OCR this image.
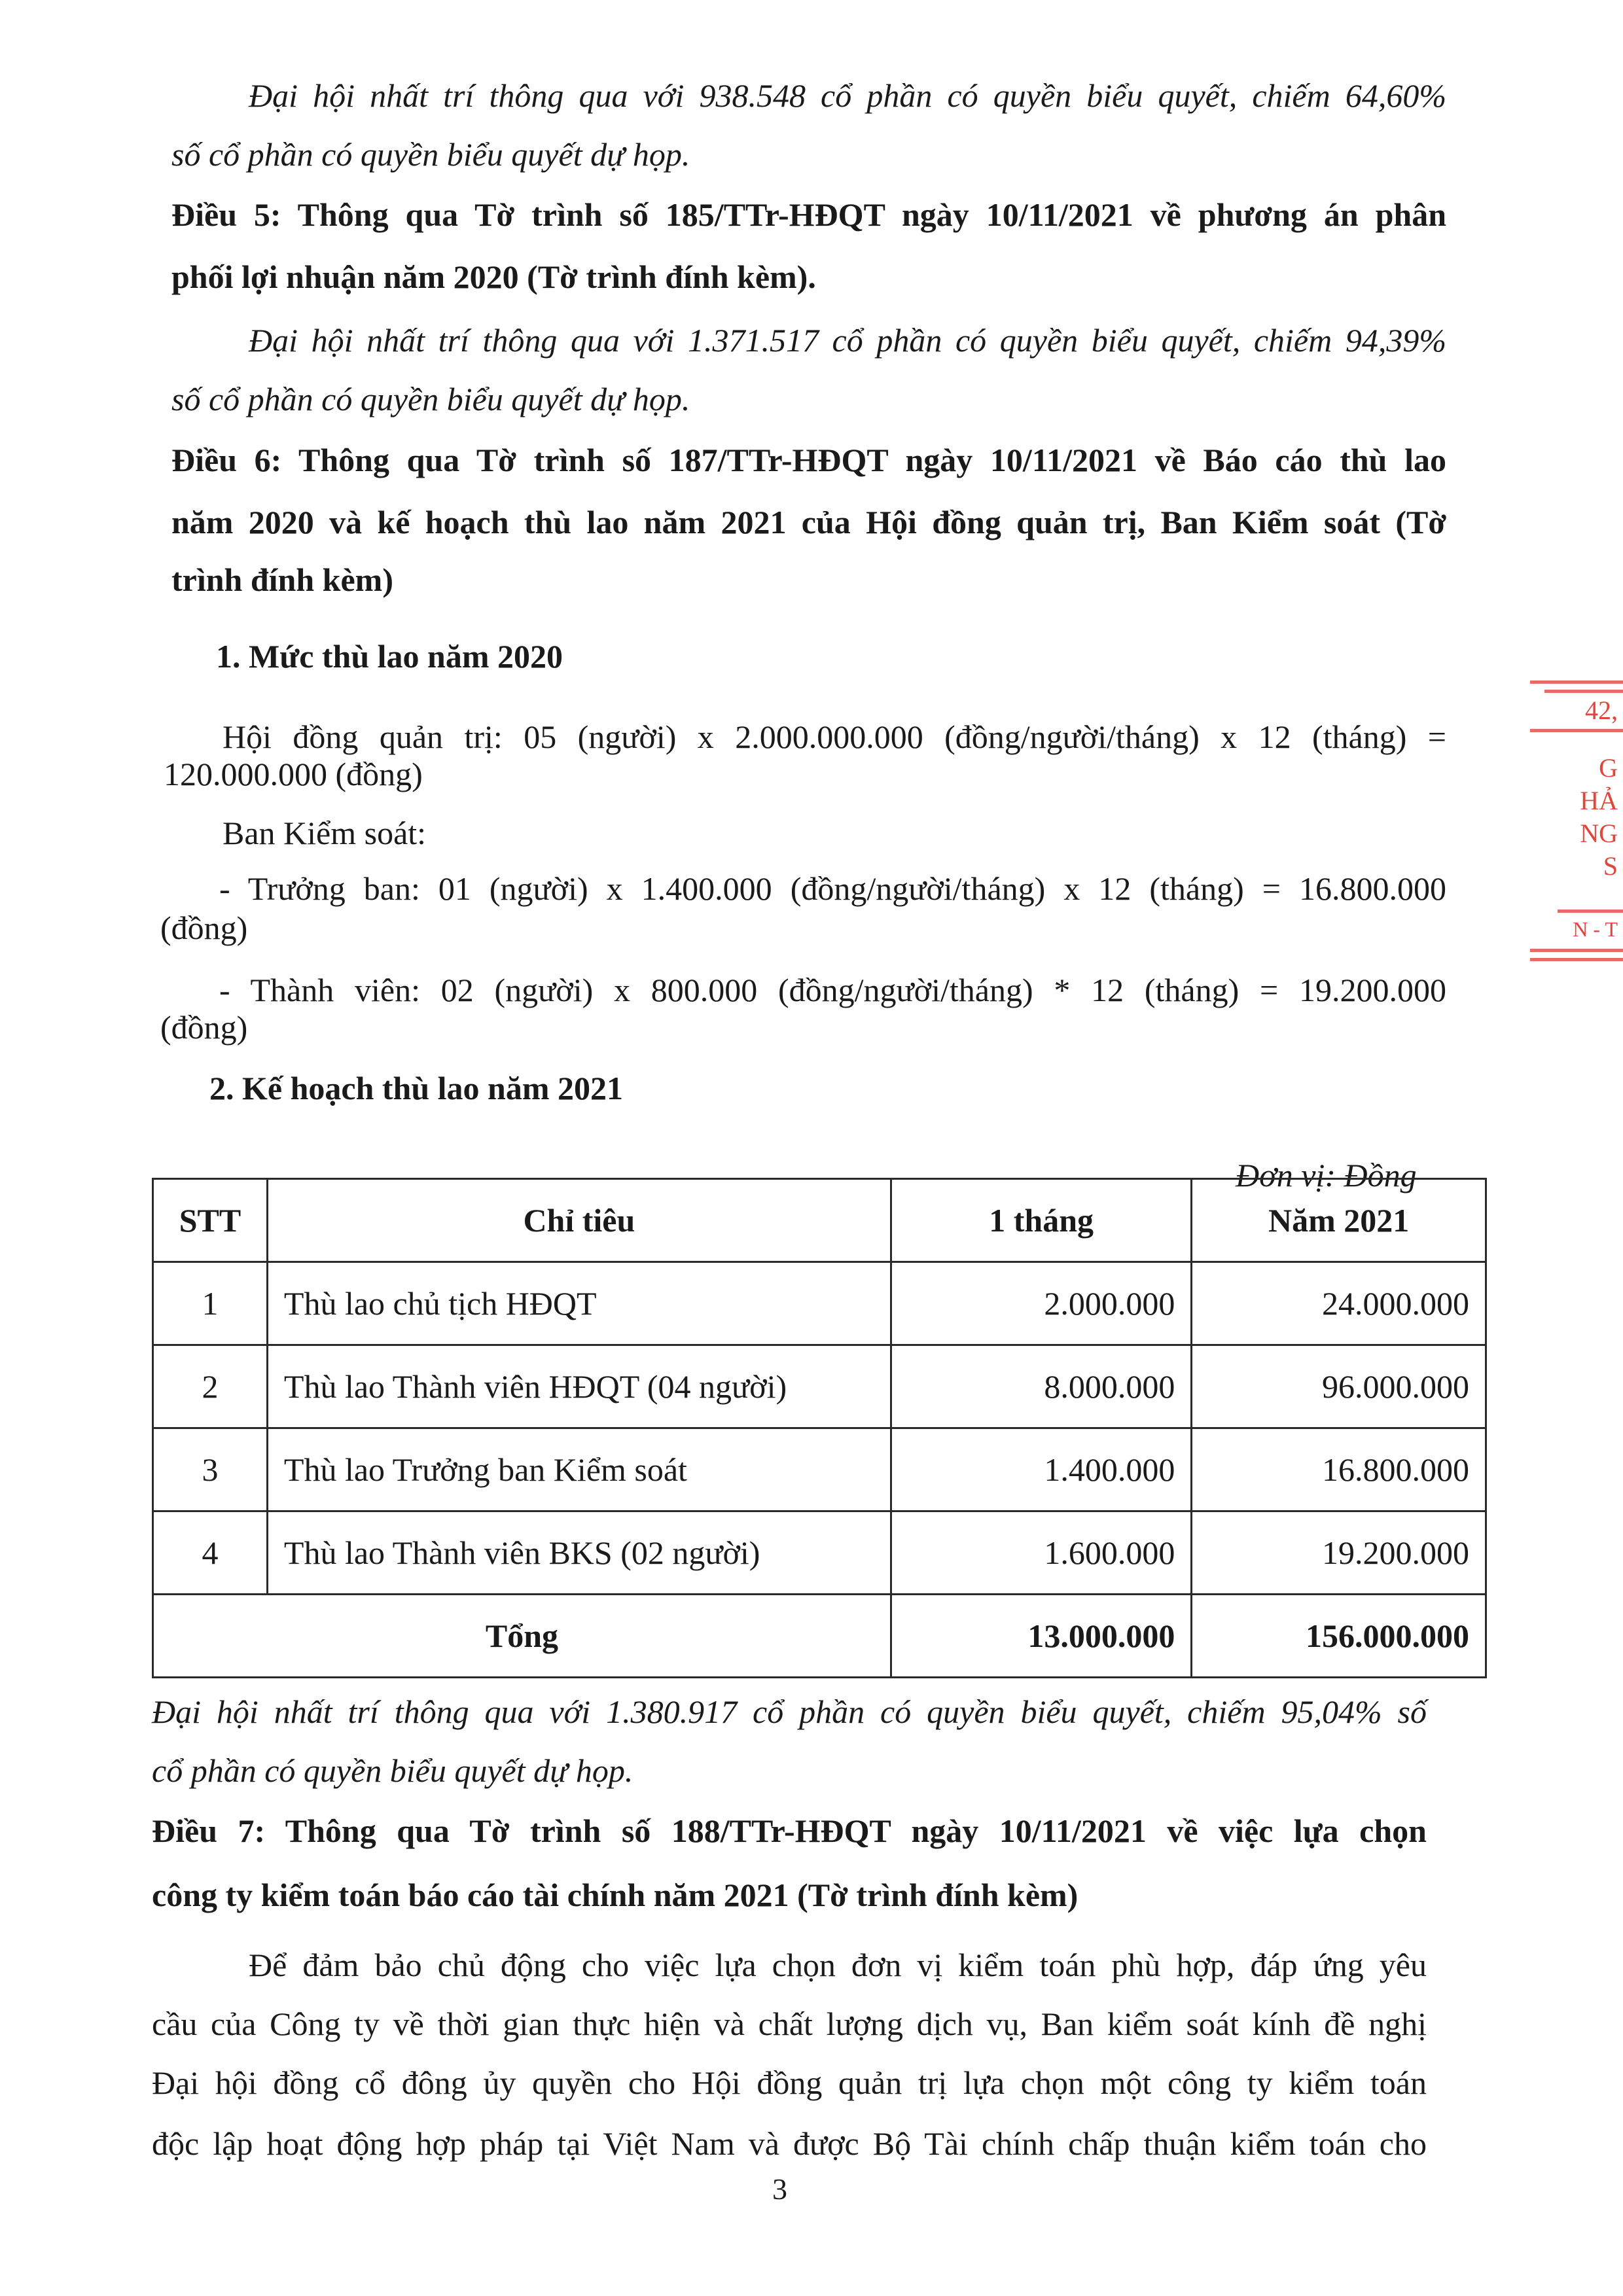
Đại hội nhất trí thông qua với 938.548 cổ phần có quyền biểu quyết, chiếm 64,60%
số cổ phần có quyền biểu quyết dự họp.
Điều 5: Thông qua Tờ trình số 185/TTr-HĐQT ngày 10/11/2021 về phương án phân
phối lợi nhuận năm 2020 (Tờ trình đính kèm).
Đại hội nhất trí thông qua với 1.371.517 cổ phần có quyền biểu quyết, chiếm 94,39%
số cổ phần có quyền biểu quyết dự họp.
Điều 6: Thông qua Tờ trình số 187/TTr-HĐQT ngày 10/11/2021 về Báo cáo thù lao
năm 2020 và kế hoạch thù lao năm 2021 của Hội đồng quản trị, Ban Kiểm soát (Tờ
trình đính kèm)
1. Mức thù lao năm 2020
Hội đồng quản trị: 05 (người) x 2.000.000.000 (đồng/người/tháng) x 12 (tháng) =
120.000.000 (đồng)
Ban Kiểm soát:
- Trưởng ban: 01 (người) x 1.400.000 (đồng/người/tháng) x 12 (tháng) = 16.800.000
(đồng)
- Thành viên: 02 (người) x 800.000 (đồng/người/tháng) * 12 (tháng) = 19.200.000
(đồng)
2. Kế hoạch thù lao năm 2021
Đơn vị: Đồng
STT	Chỉ tiêu	1 tháng	Năm 2021
1	Thù lao chủ tịch HĐQT	2.000.000	24.000.000
2	Thù lao Thành viên HĐQT (04 người)	8.000.000	96.000.000
3	Thù lao Trưởng ban Kiểm soát	1.400.000	16.800.000
4	Thù lao Thành viên BKS (02 người)	1.600.000	19.200.000
Tổng		13.000.000	156.000.000
Đại hội nhất trí thông qua với 1.380.917 cổ phần có quyền biểu quyết, chiếm 95,04% số
cổ phần có quyền biểu quyết dự họp.
Điều 7: Thông qua Tờ trình số 188/TTr-HĐQT ngày 10/11/2021 về việc lựa chọn
công ty kiểm toán báo cáo tài chính năm 2021 (Tờ trình đính kèm)
Để đảm bảo chủ động cho việc lựa chọn đơn vị kiểm toán phù hợp, đáp ứng yêu
cầu của Công ty về thời gian thực hiện và chất lượng dịch vụ, Ban kiểm soát kính đề nghị
Đại hội đồng cổ đông ủy quyền cho Hội đồng quản trị lựa chọn một công ty kiểm toán
độc lập hoạt động hợp pháp tại Việt Nam và được Bộ Tài chính chấp thuận kiểm toán cho
3
42,
G
HẢ
NG
S
N - T
